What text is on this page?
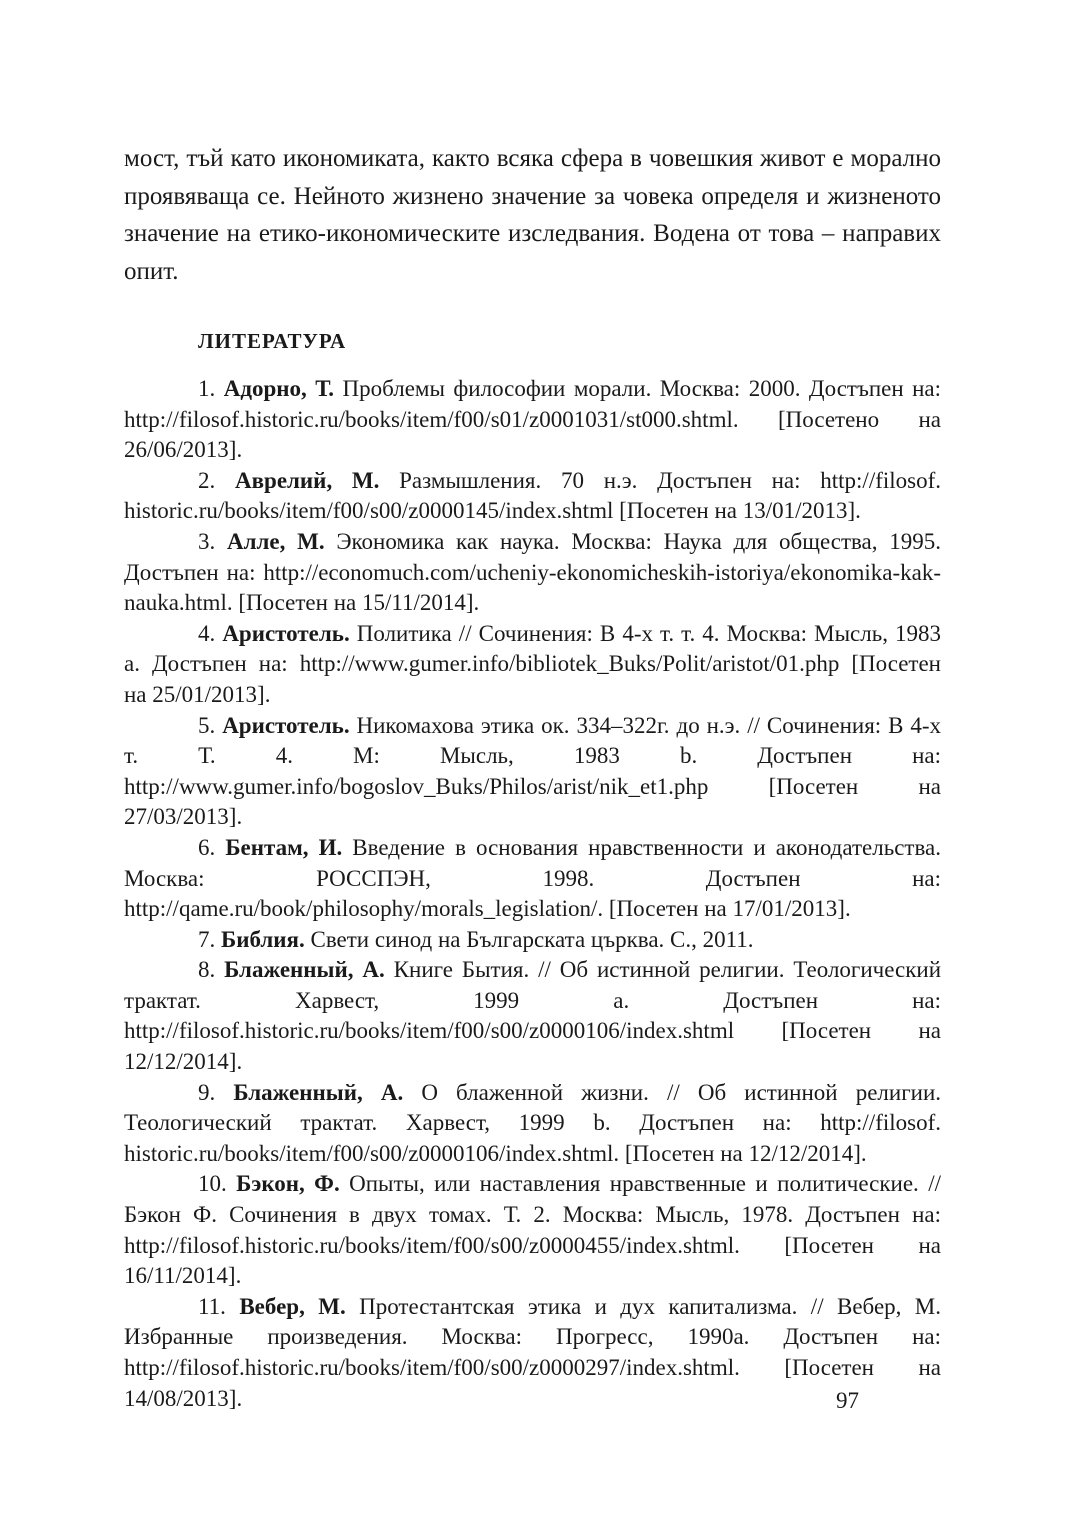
мост, тъй като икономиката, както всяка сфера в човешкия живот е морално проявяваща се. Нейното жизнено значение за човека определя и жизненото значение на етико-икономическите изследвания. Водена от това – направих опит.

ЛИТЕРАТУРА
1. Адорно, Т. Проблемы философии морали. Москва: 2000. Достъпен на: http://filosof.historic.ru/books/item/f00/s01/z0001031/st000.shtml. [Посетено на 26/06/2013].
2. Аврелий, М. Размышления. 70 н.э. Достъпен на: http://filosof. historic.ru/books/item/f00/s00/z0000145/index.shtml [Посетен на 13/01/2013].
3. Алле, М. Экономика как наука. Москва: Наука для общества, 1995. Достъпен на: http://economuch.com/ucheniy-ekonomicheskih-istoriya/ekonomika-kak-nauka.html. [Посетен на 15/11/2014].
4. Аристотель. Политика // Сочинения: В 4-х т. т. 4. Москва: Мысль, 1983 a. Достъпен на: http://www.gumer.info/bibliotek_Buks/Polit/aristot/01.php [Посетен на 25/01/2013].
5. Аристотель. Никомахова этика ок. 334–322г. до н.э. // Сочинения: В 4-х т. Т. 4. М: Мысль, 1983 b. Достъпен на: http://www.gumer.info/bogoslov_Buks/Philos/arist/nik_et1.php [Посетен на 27/03/2013].
6. Бентам, И. Введение в основания нравственности и аконодательства. Москва: РОССПЭН, 1998. Достъпен на: http://qame.ru/book/philosophy/morals_legislation/. [Посетен на 17/01/2013].
7. Библия. Свети синод на Българската църква. С., 2011.
8. Блаженный, А. Книге Бытия. // Об истинной религии. Теологический трактат. Харвест, 1999 a. Достъпен на: http://filosof.historic.ru/books/item/f00/s00/z0000106/index.shtml [Посетен на 12/12/2014].
9. Блаженный, А. О блаженной жизни. // Об истинной религии. Теологический трактат. Харвест, 1999 b. Достъпен на: http://filosof. historic.ru/books/item/f00/s00/z0000106/index.shtml. [Посетен на 12/12/2014].
10. Бэкон, Ф. Опыты, или наставления нравственные и политические. // Бэкон Ф. Сочинения в двух томах. Т. 2. Москва: Мысль, 1978. Достъпен на: http://filosof.historic.ru/books/item/f00/s00/z0000455/index.shtml. [Посетен на 16/11/2014].
11. Вебер, М. Протестантская этика и дух капитализма. // Вебер, М. Избранные произведения. Москва: Прогресс, 1990a. Достъпен на: http://filosof.historic.ru/books/item/f00/s00/z0000297/index.shtml. [Посетен на 14/08/2013].	97
